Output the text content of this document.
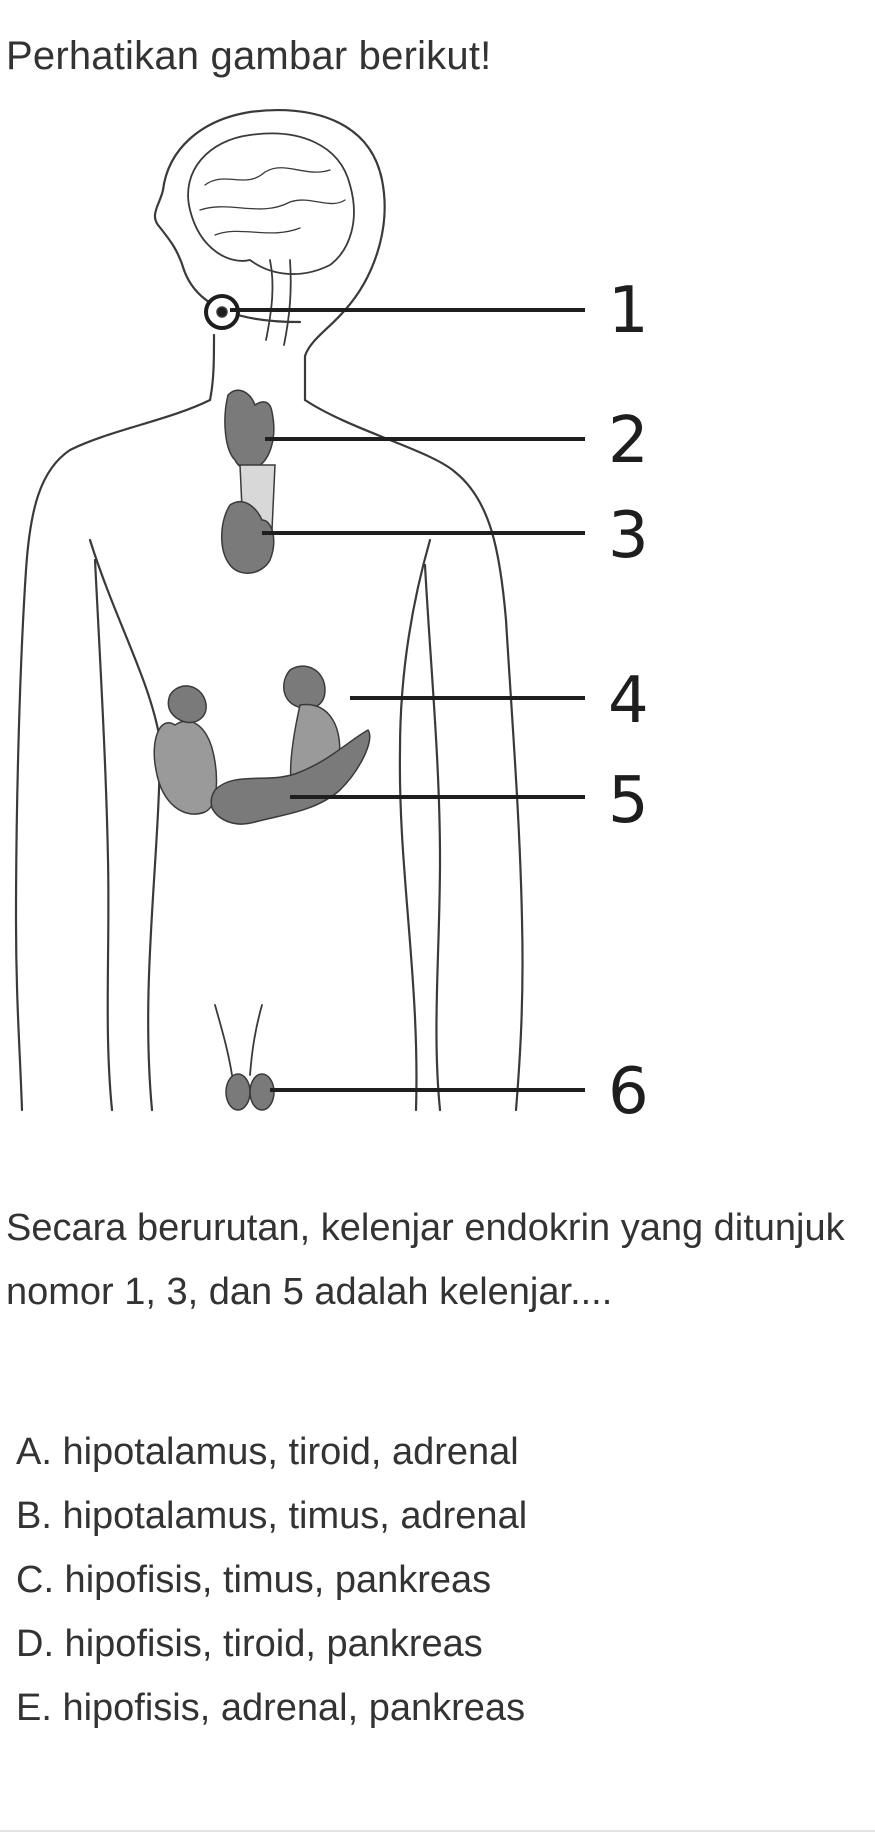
Perhatikan gambar berikut!
1
2
3
4
5
6
Secara berurutan, kelenjar endokrin yang ditunjuk nomor 1, 3, dan 5 adalah kelenjar....
A. hipotalamus, tiroid, adrenal
B. hipotalamus, timus, adrenal
C. hipofisis, timus, pankreas
D. hipofisis, tiroid, pankreas
E. hipofisis, adrenal, pankreas
